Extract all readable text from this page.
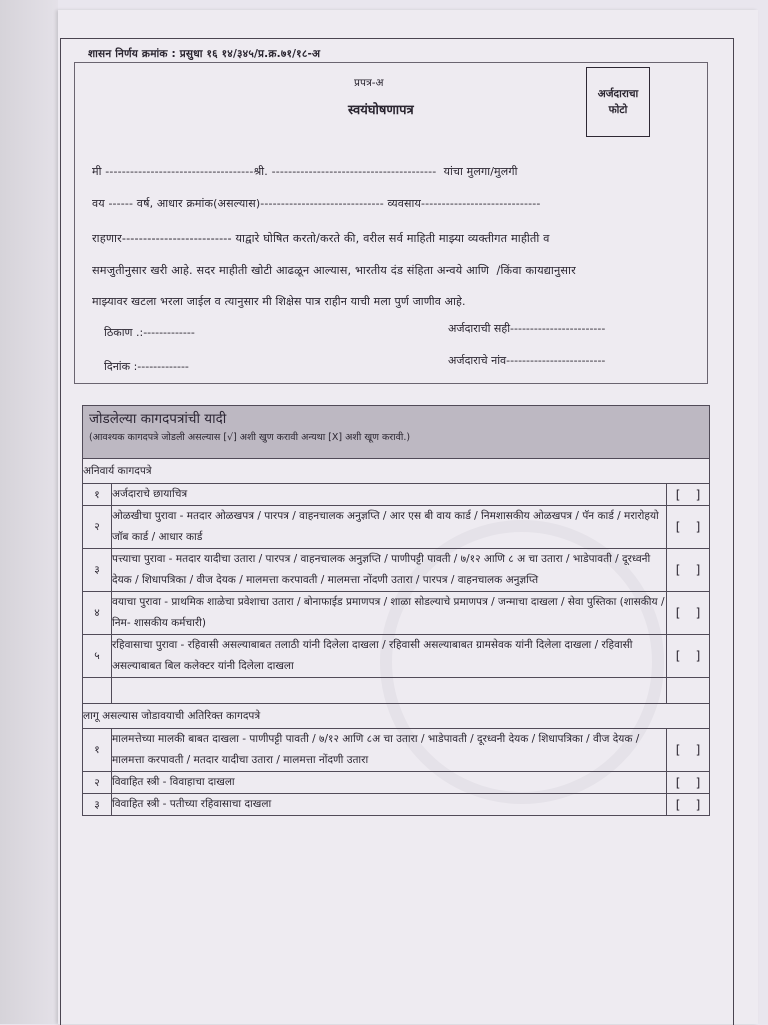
शासन निर्णय क्रमांक : प्रसुधा १६ १४/३४५/प्र.क्र.७१/१८-अ
प्रपत्र-अ
स्वयंघोषणापत्र
अर्जदाराचा
फोटो
मी ------------------------------------श्री. ----------------------------------------  यांचा मुलगा/मुलगी
वय ------ वर्ष, आधार क्रमांक(असल्यास)------------------------------ व्यवसाय-----------------------------
राहणार-------------------------- याद्वारे घोषित करतो/करते की, वरील सर्व माहिती माझ्या व्यक्तीगत माहीती व
समजुतीनुसार खरी आहे. सदर माहीती खोटी आढळून आल्यास, भारतीय दंड संहिता अन्वये आणि  /किंवा कायद्यानुसार
माझ्यावर खटला भरला जाईल व त्यानुसार मी शिक्षेस पात्र राहीन याची मला पुर्ण जाणीव आहे.
ठिकाण .:-------------
दिनांक :-------------
अर्जदाराची सही------------------------
अर्जदाराचे नांव-------------------------
जोडलेल्या कागदपत्रांची यादी
(आवश्यक कागदपत्रे जोडली असल्यास [√] अशी खुण करावी अन्यथा [X] अशी खूण करावी.)		

अनिवार्य कागदपत्रे		
१	अर्जदाराचे छायाचित्र	[    ]
२	ओळखीचा पुरावा - मतदार ओळखपत्र / पारपत्र / वाहनचालक अनुज्ञप्ति / आर एस बी वाय कार्ड / निमशासकीय ओळखपत्र / पॅन कार्ड / मरारोहयो जॉब कार्ड / आधार कार्ड	[    ]
३	पत्त्याचा पुरावा - मतदार यादीचा उतारा / पारपत्र / वाहनचालक अनुज्ञप्ति / पाणीपट्टी पावती / ७/१२ आणि ८ अ चा उतारा / भाडेपावती / दूरध्वनी देयक / शिधापत्रिका / वीज देयक / मालमत्ता करपावती / मालमत्ता नोंदणी उतारा / पारपत्र / वाहनचालक अनुज्ञप्ति	[    ]
४	वयाचा पुरावा - प्राथमिक शाळेचा प्रवेशाचा उतारा / बोनाफाईड प्रमाणपत्र / शाळा सोडल्याचे प्रमाणपत्र / जन्माचा दाखला / सेवा पुस्तिका (शासकीय / निम- शासकीय कर्मचारी)	[    ]
५	रहिवासाचा पुरावा - रहिवासी असल्याबाबत तलाठी यांनी दिलेला दाखला / रहिवासी असल्याबाबत ग्रामसेवक यांनी दिलेला दाखला / रहिवासी असल्याबाबत बिल कलेक्टर यांनी दिलेला दाखला	[    ]

लागू असल्यास जोडावयाची अतिरिक्त कागदपत्रे		
१	मालमत्तेच्या मालकी बाबत दाखला - पाणीपट्टी पावती / ७/१२ आणि ८अ चा उतारा / भाडेपावती / दूरध्वनी देयक / शिधापत्रिका / वीज देयक / मालमत्ता करपावती / मतदार यादीचा उतारा / मालमत्ता नोंदणी उतारा	[    ]
२	विवाहित स्त्री - विवाहाचा दाखला	[    ]
३	विवाहित स्त्री - पतीच्या रहिवासाचा दाखला	[    ]
